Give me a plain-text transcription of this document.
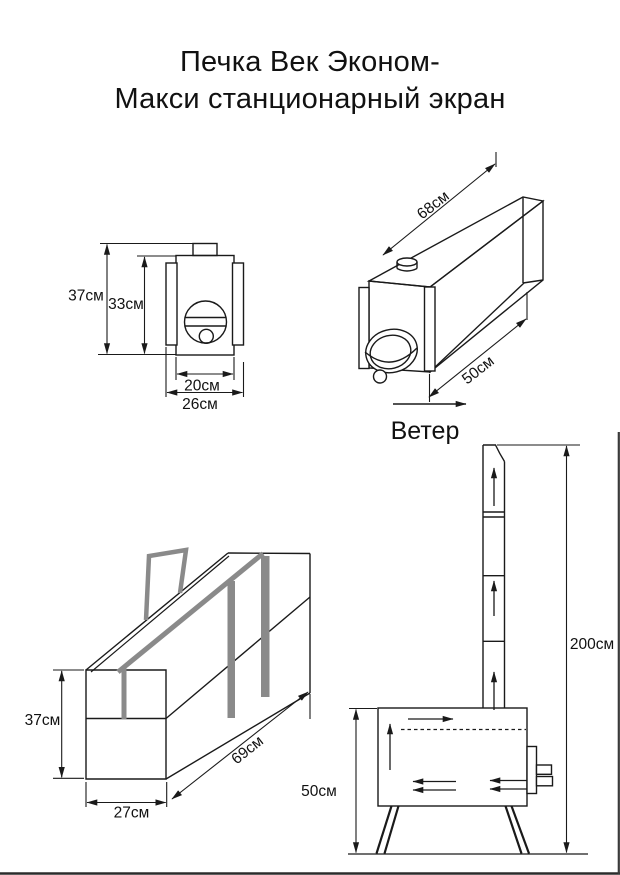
Печка Век Эконом-
Макси станционарный экран
37см 33см
20см
26см
68см
50см
Ветер
37см
27см
69см
50см
200см
